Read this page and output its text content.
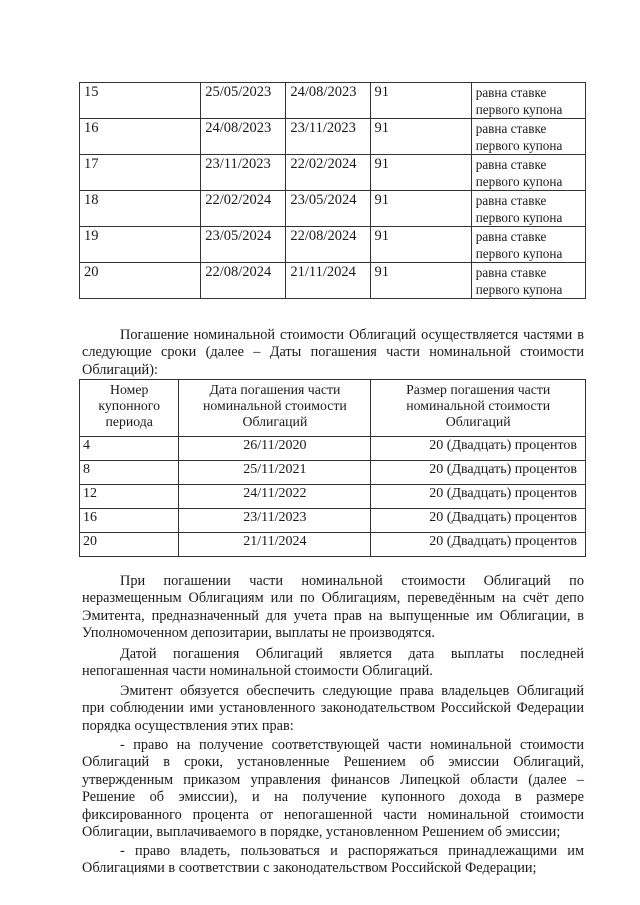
15	25/05/2023	24/08/2023	91	равна ставке первого купона
16	24/08/2023	23/11/2023	91	равна ставке первого купона
17	23/11/2023	22/02/2024	91	равна ставке первого купона
18	22/02/2024	23/05/2024	91	равна ставке первого купона
19	23/05/2024	22/08/2024	91	равна ставке первого купона
20	22/08/2024	21/11/2024	91	равна ставке первого купона

Погашение номинальной стоимости Облигаций осуществляется частями в следующие сроки (далее – Даты погашения части номинальной стоимости Облигаций):

Номер купонного периода	Дата погашения части номинальной стоимости Облигаций	Размер погашения части номинальной стоимости Облигаций
4	26/11/2020	20 (Двадцать) процентов
8	25/11/2021	20 (Двадцать) процентов
12	24/11/2022	20 (Двадцать) процентов
16	23/11/2023	20 (Двадцать) процентов
20	21/11/2024	20 (Двадцать) процентов

При погашении части номинальной стоимости Облигаций по неразмещенным Облигациям или по Облигациям, переведённым на счёт депо Эмитента, предназначенный для учета прав на выпущенные им Облигации, в Уполномоченном депозитарии, выплаты не производятся.

Датой погашения Облигаций является дата выплаты последней непогашенная части номинальной стоимости Облигаций.

Эмитент обязуется обеспечить следующие права владельцев Облигаций при соблюдении ими установленного законодательством Российской Федерации порядка осуществления этих прав:

- право на получение соответствующей части номинальной стоимости Облигаций в сроки, установленные Решением об эмиссии Облигаций, утвержденным приказом управления финансов Липецкой области (далее – Решение об эмиссии), и на получение купонного дохода в размере фиксированного процента от непогашенной части номинальной стоимости Облигации, выплачиваемого в порядке, установленном Решением об эмиссии;

- право владеть, пользоваться и распоряжаться принадлежащими им Облигациями в соответствии с законодательством Российской Федерации;
